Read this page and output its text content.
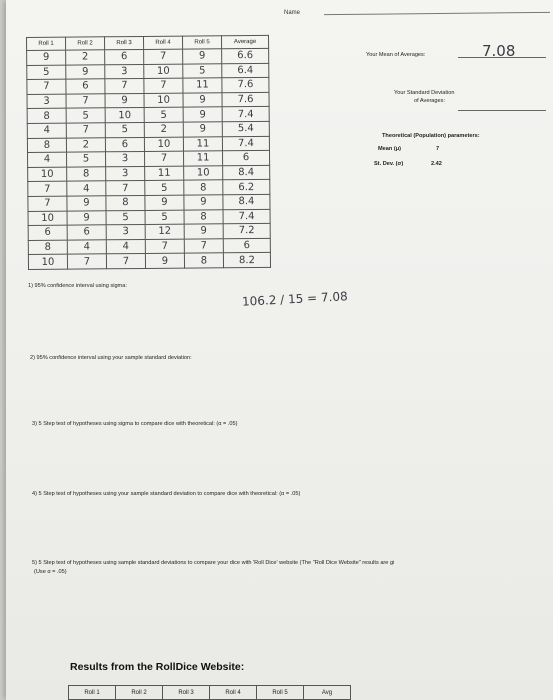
Name
Roll 1	Roll 2	Roll 3	Roll 4	Roll 5	Average
9	2	6	7	9	6.6
5	9	3	10	5	6.4
7	6	7	7	11	7.6
3	7	9	10	9	7.6
8	5	10	5	9	7.4
4	7	5	2	9	5.4
8	2	6	10	11	7.4
4	5	3	7	11	6
10	8	3	11	10	8.4
7	4	7	5	8	6.2
7	9	8	9	9	8.4
10	9	5	5	8	7.4
6	6	3	12	9	7.2
8	4	4	7	7	6
10	7	7	9	8	8.2
Your Mean of Averages:	7.08
Your Standard Deviation
of Averages:
Theoretical (Population) parameters:
Mean (μ)	7
St. Dev. (σ)	2.42
106.2 / 15 = 7.08
1) 95% confidence interval using sigma:
2) 95% confidence interval using your sample standard deviation:
3) 5 Step test of hypotheses using sigma to compare dice with theoretical: (α = .05)
4) 5 Step test of hypotheses using your sample standard deviation to compare dice with theoretical: (α = .05)
5) 5 Step test of hypotheses using sample standard deviations to compare your dice with 'Roll Dice' website (The "Roll Dice Website" results are gi
(Use α = .05)
Results from the RollDice Website:
Roll 1	Roll 2	Roll 3	Roll 4	Roll 5	Avg
